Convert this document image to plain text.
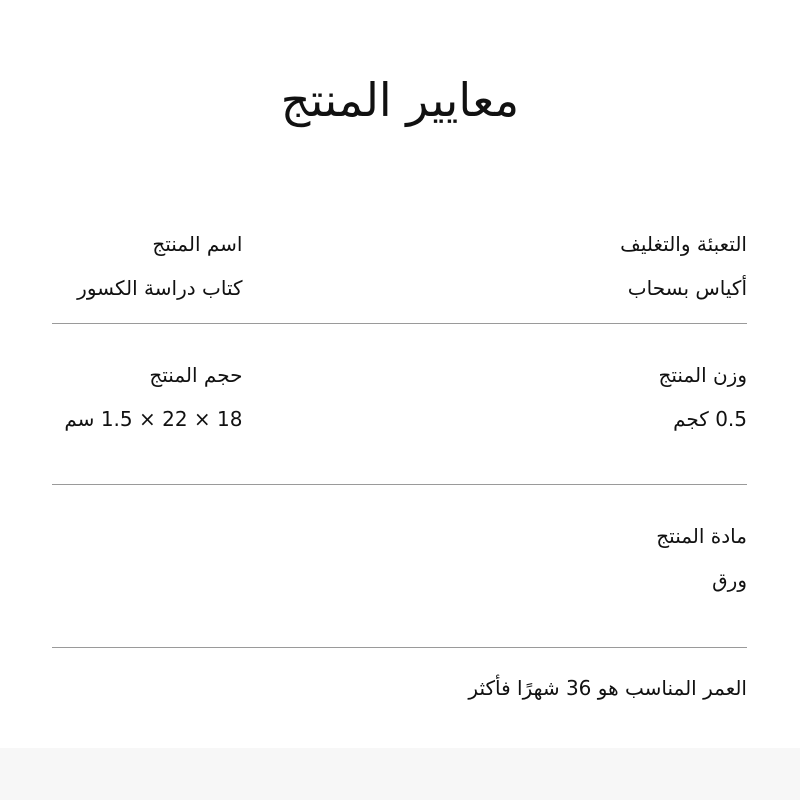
معايير المنتج
التعبئة والتغليف
أكياس بسحاب
اسم المنتج
كتاب دراسة الكسور
وزن المنتج
0.5 كجم
حجم المنتج
18 × 22 × 1.5 سم
مادة المنتج
ورق
العمر المناسب هو 36 شهرًا فأكثر
